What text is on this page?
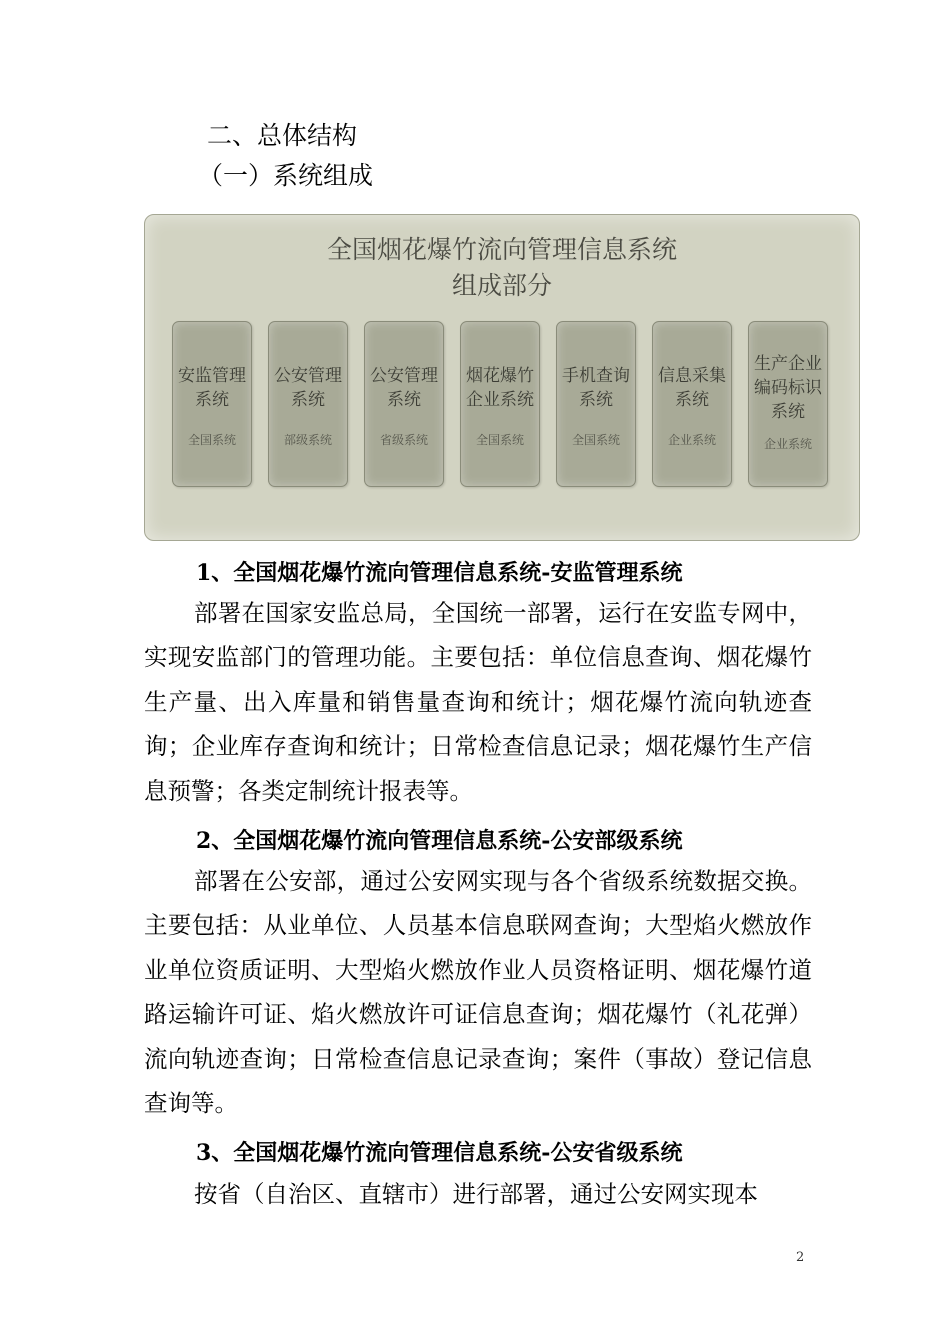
二、总体结构
（一）系统组成
全国烟花爆竹流向管理信息系统
组成部分
安监管理
系统
全国系统
公安管理
系统
部级系统
公安管理
系统
省级系统
烟花爆竹
企业系统
全国系统
手机查询
系统
全国系统
信息采集
系统
企业系统
生产企业
编码标识
系统
企业系统
1、全国烟花爆竹流向管理信息系统-安监管理系统
部署在国家安监总局，全国统一部署，运行在安监专网中，实现安监部门的管理功能。主要包括：单位信息查询、烟花爆竹生产量、出入库量和销售量查询和统计；烟花爆竹流向轨迹查询；企业库存查询和统计；日常检查信息记录；烟花爆竹生产信息预警；各类定制统计报表等。
2、全国烟花爆竹流向管理信息系统-公安部级系统
部署在公安部，通过公安网实现与各个省级系统数据交换。主要包括：从业单位、人员基本信息联网查询；大型焰火燃放作业单位资质证明、大型焰火燃放作业人员资格证明、烟花爆竹道路运输许可证、焰火燃放许可证信息查询；烟花爆竹（礼花弹）流向轨迹查询；日常检查信息记录查询；案件（事故）登记信息查询等。
3、全国烟花爆竹流向管理信息系统-公安省级系统
按省（自治区、直辖市）进行部署，通过公安网实现本
2
